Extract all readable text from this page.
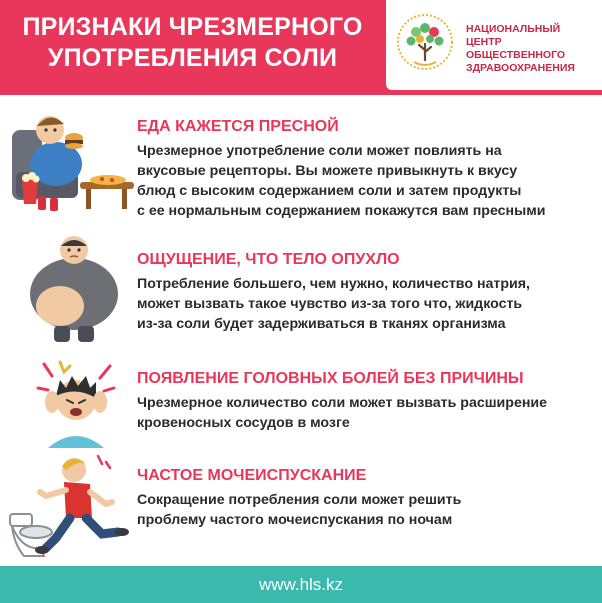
ПРИЗНАКИ ЧРЕЗМЕРНОГО
УПОТРЕБЛЕНИЯ СОЛИ
НАЦИОНАЛЬНЫЙ ЦЕНТР
ОБЩЕСТВЕННОГО
ЗДРАВООХРАНЕНИЯ
ЕДА КАЖЕТСЯ ПРЕСНОЙ
Чрезмерное употребление соли может повлиять на
вкусовые рецепторы. Вы можете привыкнуть к вкусу
блюд с высоким содержанием соли и затем продукты
с ее нормальным содержанием покажутся вам пресными
ОЩУЩЕНИЕ, ЧТО ТЕЛО ОПУХЛО
Потребление большего, чем нужно, количество натрия,
может вызвать такое чувство из-за того что, жидкость
из-за соли будет задерживаться в тканях организма
ПОЯВЛЕНИЕ ГОЛОВНЫХ БОЛЕЙ БЕЗ ПРИЧИНЫ
Чрезмерное количество соли может вызвать расширение
кровеносных сосудов в мозге
ЧАСТОЕ МОЧЕИСПУСКАНИЕ
Сокращение потребления соли может решить
проблему частого мочеиспускания по ночам
www.hls.kz
